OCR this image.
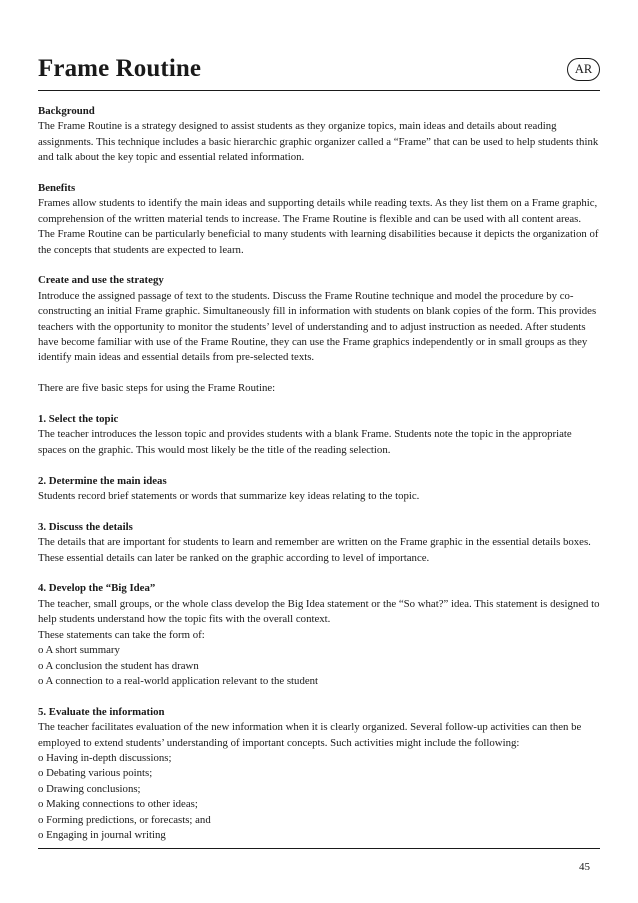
Frame Routine	AR
Background

The Frame Routine is a strategy designed to assist students as they organize topics, main ideas and details about reading assignments. This technique includes a basic hierarchic graphic organizer called a “Frame” that can be used to help students think and talk about the key topic and essential related information.

Benefits

Frames allow students to identify the main ideas and supporting details while reading texts. As they list them on a Frame graphic, comprehension of the written material tends to increase. The Frame Routine is flexible and can be used with all content areas. The Frame Routine can be particularly beneficial to many students with learning disabilities because it depicts the organization of the concepts that students are expected to learn.

Create and use the strategy

Introduce the assigned passage of text to the students. Discuss the Frame Routine technique and model the procedure by co-constructing an initial Frame graphic. Simultaneously fill in information with students on blank copies of the form. This provides teachers with the opportunity to monitor the students’ level of understanding and to adjust instruction as needed. After students have become familiar with use of the Frame Routine, they can use the Frame graphics independently or in small groups as they identify main ideas and essential details from pre-selected texts.

There are five basic steps for using the Frame Routine:

1. Select the topic

The teacher introduces the lesson topic and provides students with a blank Frame. Students note the topic in the appropriate spaces on the graphic. This would most likely be the title of the reading selection.

2. Determine the main ideas

Students record brief statements or words that summarize key ideas relating to the topic.

3. Discuss the details

The details that are important for students to learn and remember are written on the Frame graphic in the essential details boxes. These essential details can later be ranked on the graphic according to level of importance.

4. Develop the “Big Idea”

The teacher, small groups, or the whole class develop the Big Idea statement or the “So what?” idea. This statement is designed to help students understand how the topic fits with the overall context.

These statements can take the form of:

o A short summary
o A conclusion the student has drawn
o A connection to a real-world application relevant to the student
5. Evaluate the information

The teacher facilitates evaluation of the new information when it is clearly organized. Several follow-up activities can then be employed to extend students’ understanding of important concepts. Such activities might include the following:

o Having in-depth discussions;
o Debating various points;
o Drawing conclusions;
o Making connections to other ideas;
o Forming predictions, or forecasts; and
o Engaging in journal writing
45
